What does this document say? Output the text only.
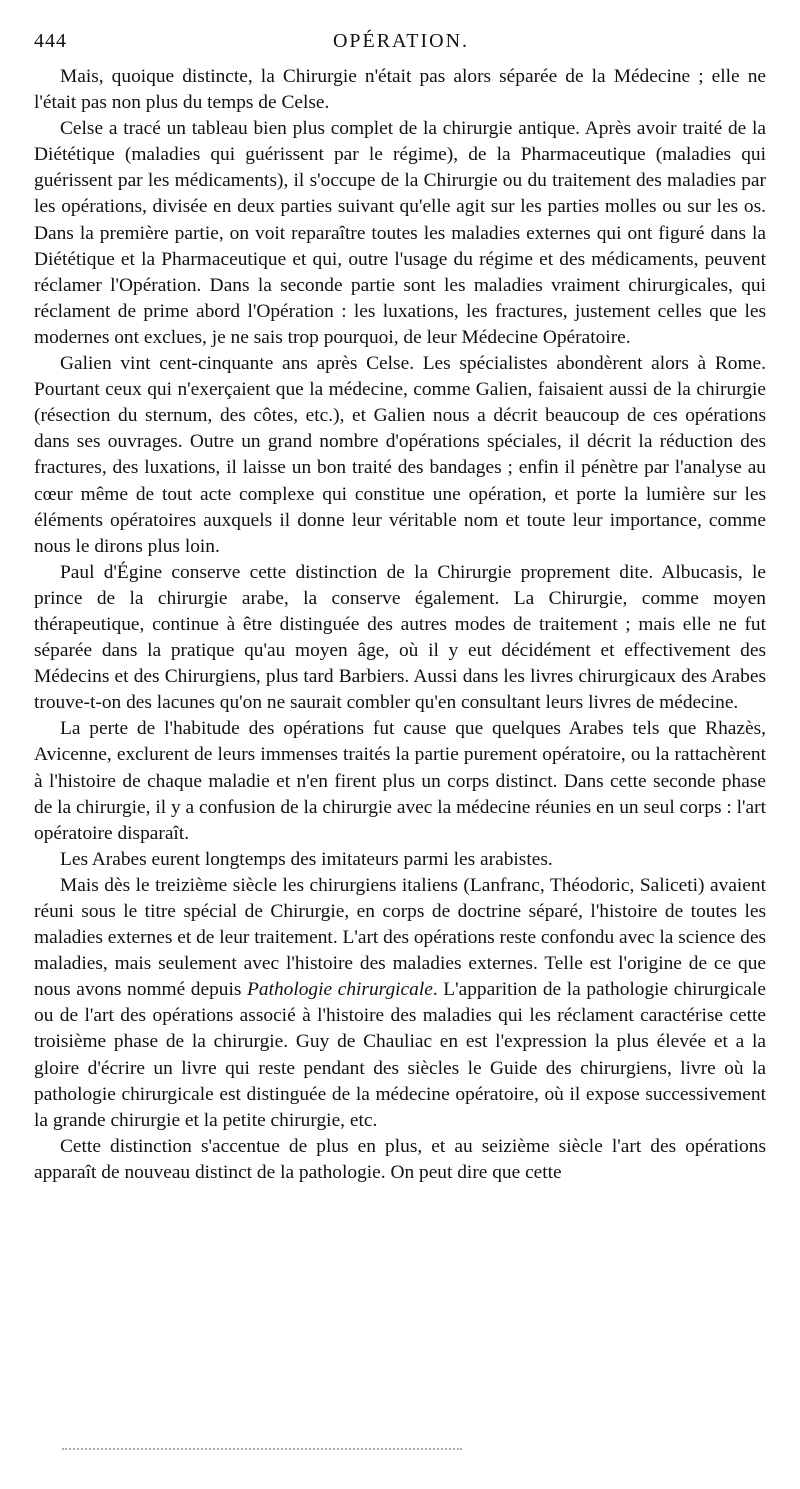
444	OPÉRATION.

Mais, quoique distincte, la Chirurgie n'était pas alors séparée de la Médecine ; elle ne l'était pas non plus du temps de Celse.

Celse a tracé un tableau bien plus complet de la chirurgie antique. Après avoir traité de la Diététique (maladies qui guérissent par le régime), de la Pharmaceutique (maladies qui guérissent par les médicaments), il s'occupe de la Chirurgie ou du traitement des maladies par les opérations, divisée en deux parties suivant qu'elle agit sur les parties molles ou sur les os. Dans la première partie, on voit reparaître toutes les maladies externes qui ont figuré dans la Diététique et la Pharmaceutique et qui, outre l'usage du régime et des médicaments, peuvent réclamer l'Opération. Dans la seconde partie sont les maladies vraiment chirurgicales, qui réclament de prime abord l'Opération : les luxations, les fractures, justement celles que les modernes ont exclues, je ne sais trop pourquoi, de leur Médecine Opératoire.

Galien vint cent-cinquante ans après Celse. Les spécialistes abondèrent alors à Rome. Pourtant ceux qui n'exerçaient que la médecine, comme Galien, faisaient aussi de la chirurgie (résection du sternum, des côtes, etc.), et Galien nous a décrit beaucoup de ces opérations dans ses ouvrages. Outre un grand nombre d'opérations spéciales, il décrit la réduction des fractures, des luxations, il laisse un bon traité des bandages ; enfin il pénètre par l'analyse au cœur même de tout acte complexe qui constitue une opération, et porte la lumière sur les éléments opératoires auxquels il donne leur véritable nom et toute leur importance, comme nous le dirons plus loin.

Paul d'Égine conserve cette distinction de la Chirurgie proprement dite. Albucasis, le prince de la chirurgie arabe, la conserve également. La Chirurgie, comme moyen thérapeutique, continue à être distinguée des autres modes de traitement ; mais elle ne fut séparée dans la pratique qu'au moyen âge, où il y eut décidément et effectivement des Médecins et des Chirurgiens, plus tard Barbiers. Aussi dans les livres chirurgicaux des Arabes trouve-t-on des lacunes qu'on ne saurait combler qu'en consultant leurs livres de médecine.

La perte de l'habitude des opérations fut cause que quelques Arabes tels que Rhazès, Avicenne, exclurent de leurs immenses traités la partie purement opératoire, ou la rattachèrent à l'histoire de chaque maladie et n'en firent plus un corps distinct. Dans cette seconde phase de la chirurgie, il y a confusion de la chirurgie avec la médecine réunies en un seul corps : l'art opératoire disparaît.

Les Arabes eurent longtemps des imitateurs parmi les arabistes.

Mais dès le treizième siècle les chirurgiens italiens (Lanfranc, Théodoric, Saliceti) avaient réuni sous le titre spécial de Chirurgie, en corps de doctrine séparé, l'histoire de toutes les maladies externes et de leur traitement. L'art des opérations reste confondu avec la science des maladies, mais seulement avec l'histoire des maladies externes. Telle est l'origine de ce que nous avons nommé depuis Pathologie chirurgicale. L'apparition de la pathologie chirurgicale ou de l'art des opérations associé à l'histoire des maladies qui les réclament caractérise cette troisième phase de la chirurgie. Guy de Chauliac en est l'expression la plus élevée et a la gloire d'écrire un livre qui reste pendant des siècles le Guide des chirurgiens, livre où la pathologie chirurgicale est distinguée de la médecine opératoire, où il expose successivement la grande chirurgie et la petite chirurgie, etc.

Cette distinction s'accentue de plus en plus, et au seizième siècle l'art des opérations apparaît de nouveau distinct de la pathologie. On peut dire que cette
